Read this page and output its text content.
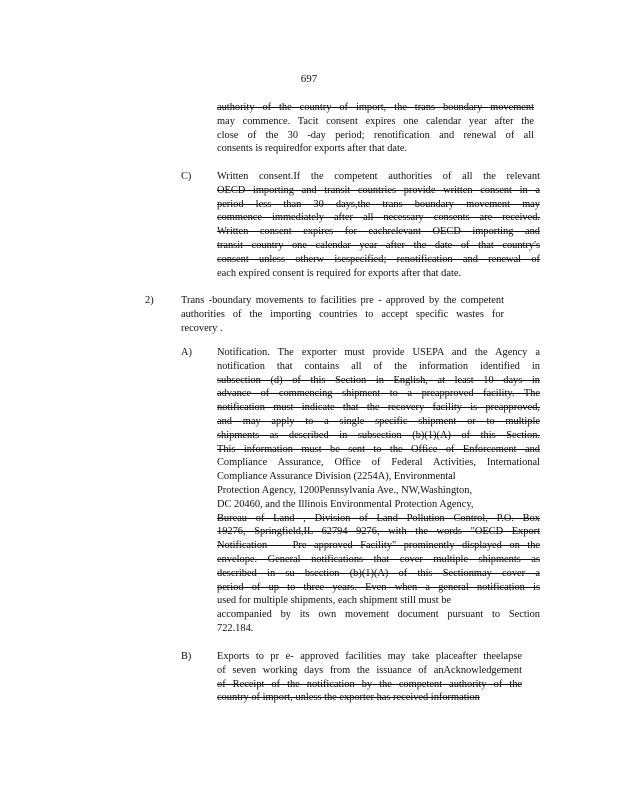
697
authority of the country of import, the trans boundary movement
may commence. Tacit consent expires one calendar year after the
close of the 30 -day period; renotification and renewal of all
consents is requiredfor exports after that date.
C) Written consent.If the competent authorities of all the relevant
OECD importing and transit countries provide written consent in a
period less than 30 days,the trans boundary movement may
commence immediately after all necessary consents are received.
Written consent expires for eachrelevant OECD importing and
transit country one calendar year after the date of that country's
consent unless otherw isespecified; renotification and renewal of
each expired consent is required for exports after that date.
2)	Trans -boundary movements to facilities pre - approved by the competent
authorities of the importing countries to accept specific wastes for
recovery .
A) Notification. The exporter must provide USEPA and the Agency a
notification that contains all of the information identified in
subsection (d) of this Section in English, at least 10 days in
advance of commencing shipment to a preapproved facility. The
notification must indicate that the recovery facility is preapproved,
and may apply to a single specific shipment or to multiple
shipments as described in subsection (b)(1)(A) of this Section.
This information must be sent to the Office of Enforcement and
Compliance Assurance, Office of Federal Activities, International
Compliance Assurance Division (2254A), Environmental
Protection Agency, 1200Pennsylvania Ave., NW,Washington,
DC 20460, and the Illinois Environmental Protection Agency,
Bureau of Land , Division of Land Pollution Control, P.O. Box
19276, Springfield,IL 62794 9276, with the words "OECD Export
Notification — Pre approved Facility" prominently displayed on the
envelope. General notifications that cover multiple shipments as
described in su bsection (b)(1)(A) of this Sectionmay cover a
period of up to three years. Even when a general notification is
used for multiple shipments, each shipment still must be
accompanied by its own movement document pursuant to Section
722.184.
B) Exports to pr e- approved facilities may take placeafter theelapse
of seven working days from the issuance of anAcknowledgement
of Receipt of the notification by the competent authority of the
country of import, unless the exporter has received information
